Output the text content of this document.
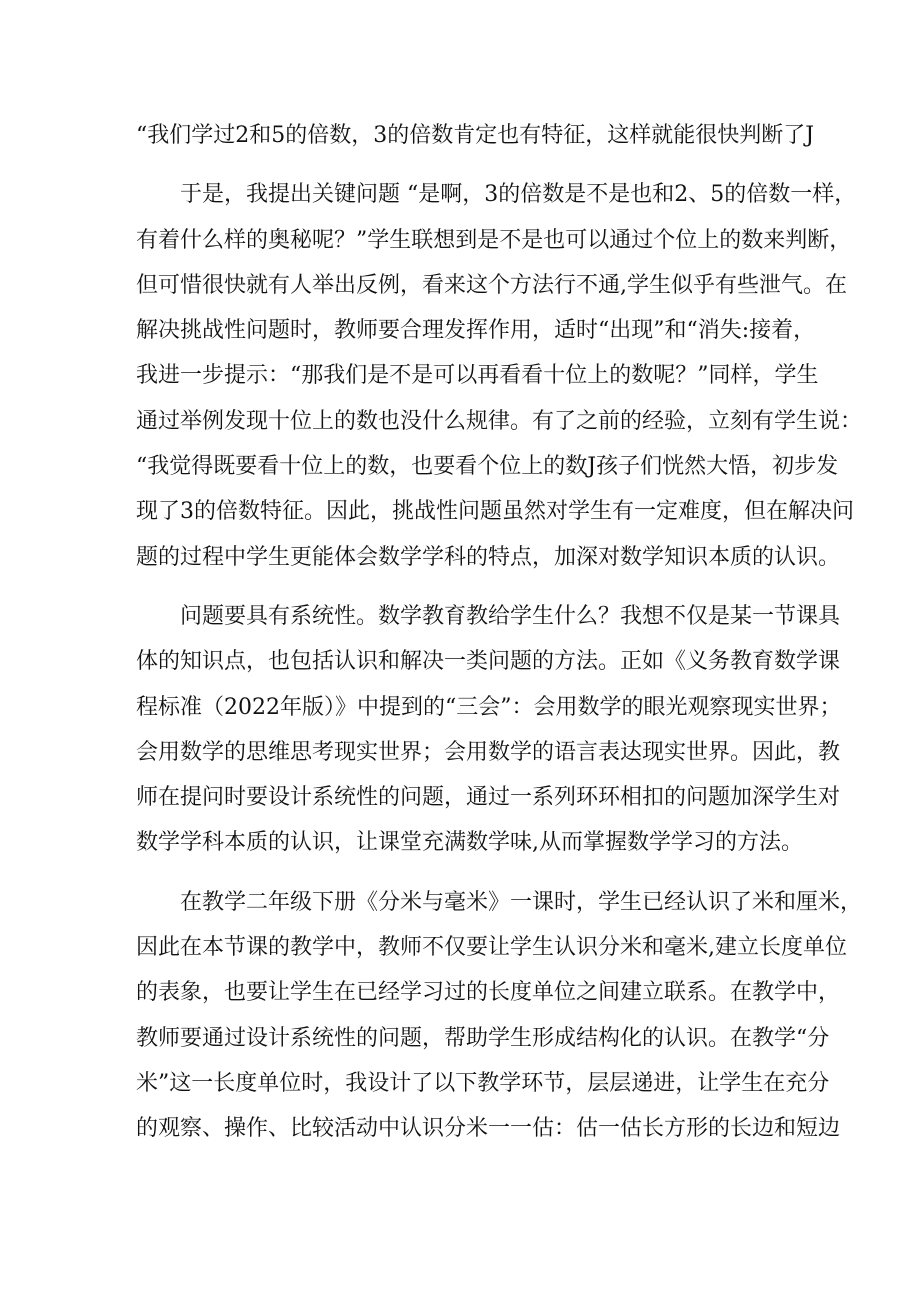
“我们学过2和5的倍数，3的倍数肯定也有特征，这样就能很快判断了J
于是，我提出关键问题 “是啊，3的倍数是不是也和2、5的倍数一样，
有着什么样的奥秘呢？”学生联想到是不是也可以通过个位上的数来判断，
但可惜很快就有人举出反例，看来这个方法行不通,学生似乎有些泄气。在
解决挑战性问题时，教师要合理发挥作用，适时“出现”和“消失:接着，
我进一步提示：“那我们是不是可以再看看十位上的数呢？”同样，学生
通过举例发现十位上的数也没什么规律。有了之前的经验，立刻有学生说：
“我觉得既要看十位上的数，也要看个位上的数J孩子们恍然大悟，初步发
现了3的倍数特征。因此，挑战性问题虽然对学生有一定难度，但在解决问
题的过程中学生更能体会数学学科的特点，加深对数学知识本质的认识。
问题要具有系统性。数学教育教给学生什么？我想不仅是某一节课具
体的知识点，也包括认识和解决一类问题的方法。正如《义务教育数学课
程标准（2022年版）》中提到的“三会”：会用数学的眼光观察现实世界；
会用数学的思维思考现实世界；会用数学的语言表达现实世界。因此，教
师在提问时要设计系统性的问题，通过一系列环环相扣的问题加深学生对
数学学科本质的认识，让课堂充满数学味,从而掌握数学学习的方法。
在教学二年级下册《分米与毫米》一课时，学生已经认识了米和厘米，
因此在本节课的教学中，教师不仅要让学生认识分米和毫米,建立长度单位
的表象，也要让学生在已经学习过的长度单位之间建立联系。在教学中，
教师要通过设计系统性的问题，帮助学生形成结构化的认识。在教学“分
米”这一长度单位时，我设计了以下教学环节，层层递进，让学生在充分
的观察、操作、比较活动中认识分米一一估：估一估长方形的长边和短边
